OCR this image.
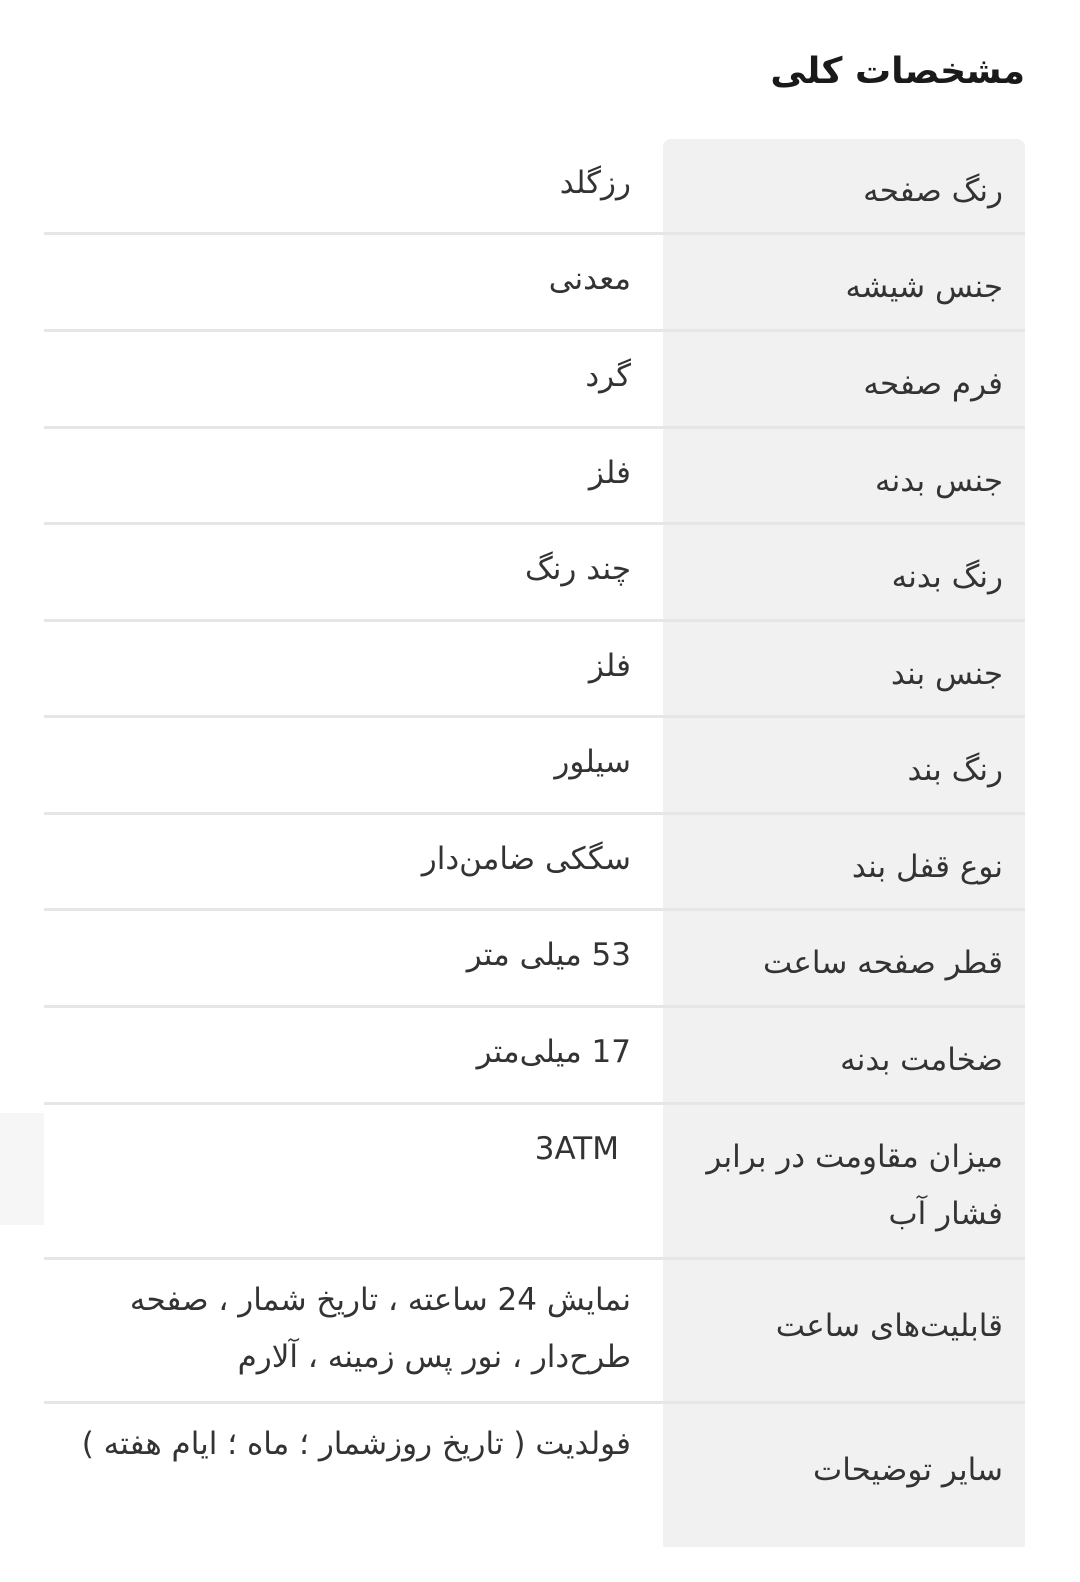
مشخصات کلی
رنگ صفحه
رزگلد
جنس شیشه
معدنی
فرم صفحه
گرد
جنس بدنه
فلز
رنگ بدنه
چند رنگ
جنس بند
فلز
رنگ بند
سیلور
نوع قفل بند
سگکی ضامن‌دار
قطر صفحه ساعت
53 میلی متر
ضخامت بدنه
17 میلی‌متر
میزان مقاومت در برابر فشار آب
3ATM
قابلیت‌های ساعت
نمایش 24 ساعته ، تاریخ شمار ، صفحه طرح‌دار ، نور پس زمینه ، آلارم
سایر توضیحات
فولدیت ( تاریخ روزشمار ؛ ماه ؛ ایام هفته )
